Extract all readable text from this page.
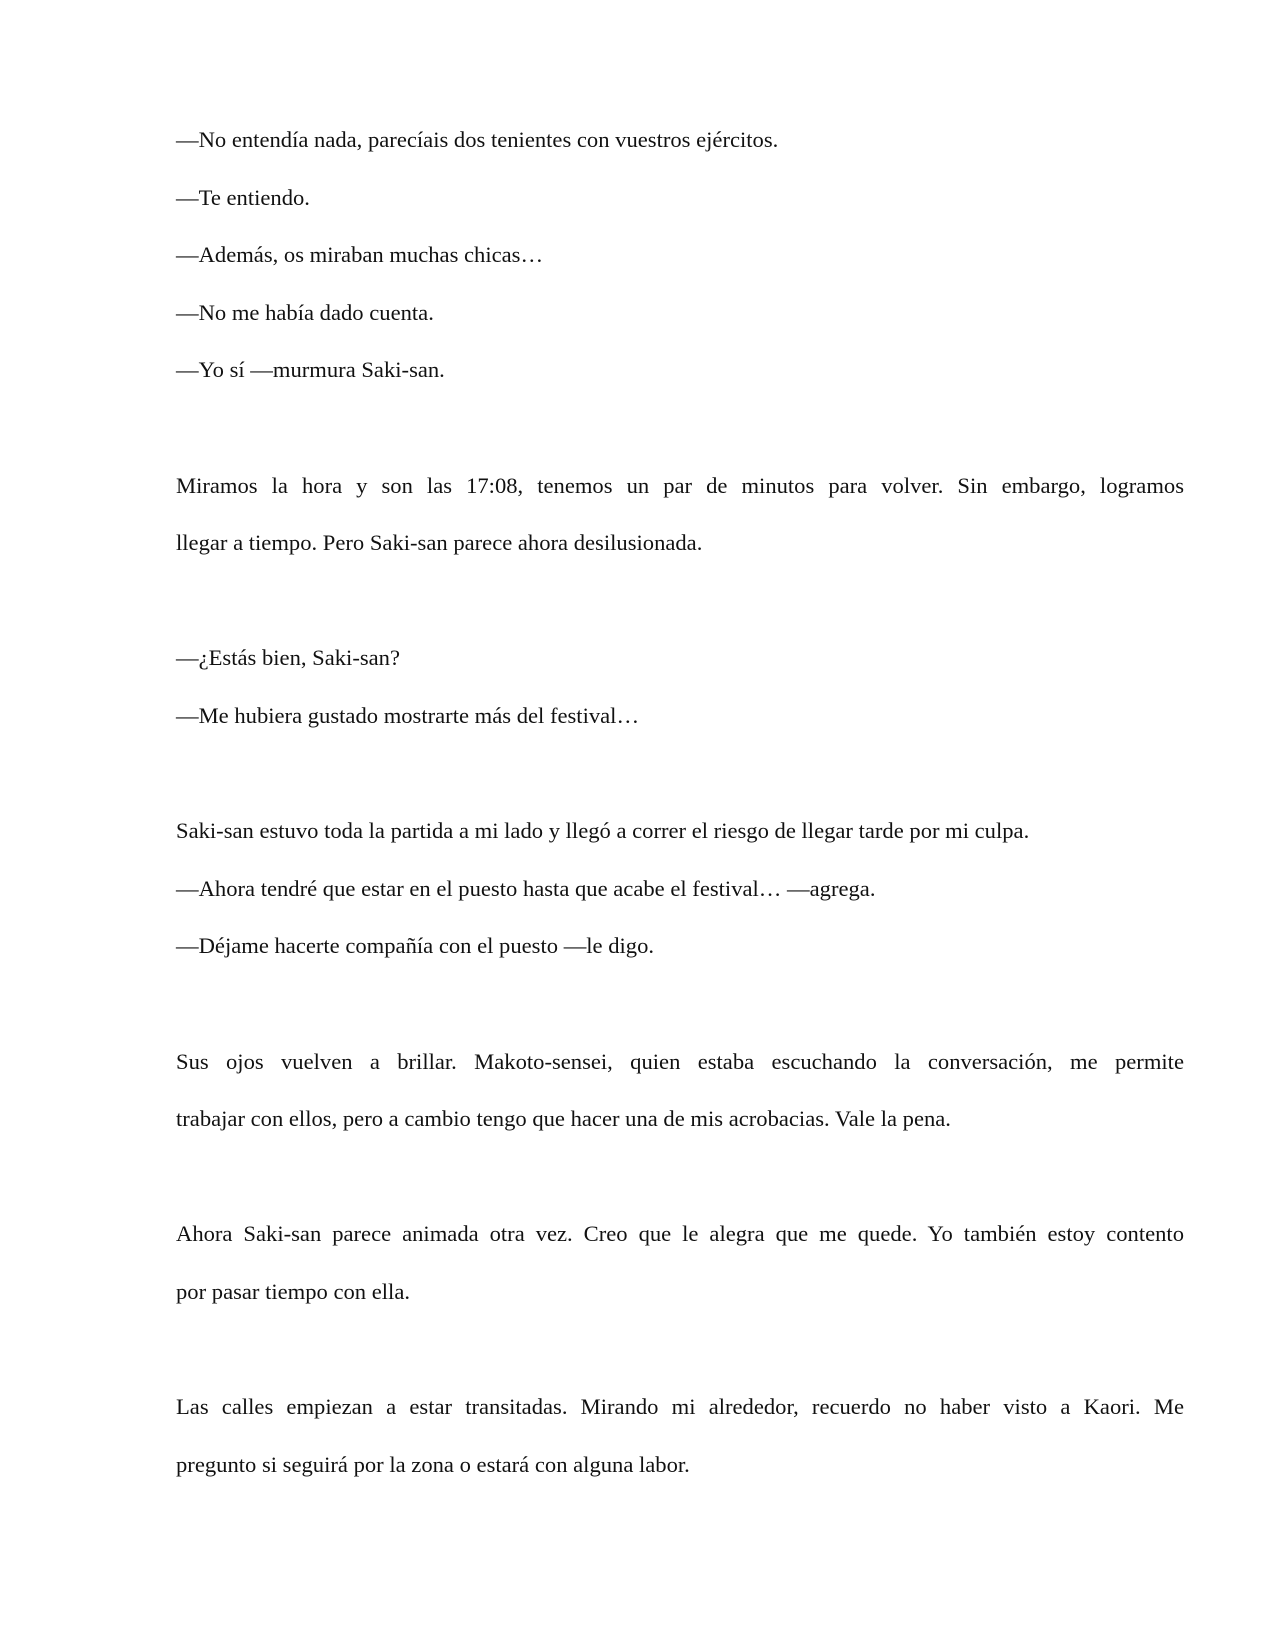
—No entendía nada, parecíais dos tenientes con vuestros ejércitos.
—Te entiendo.
—Además, os miraban muchas chicas…
—No me había dado cuenta.
—Yo sí —murmura Saki-san.
Miramos la hora y son las 17:08, tenemos un par de minutos para volver. Sin embargo, logramos
llegar a tiempo. Pero Saki-san parece ahora desilusionada.
—¿Estás bien, Saki-san?
—Me hubiera gustado mostrarte más del festival…
Saki-san estuvo toda la partida a mi lado y llegó a correr el riesgo de llegar tarde por mi culpa.
—Ahora tendré que estar en el puesto hasta que acabe el festival… —agrega.
—Déjame hacerte compañía con el puesto —le digo.
Sus ojos vuelven a brillar. Makoto-sensei, quien estaba escuchando la conversación, me permite
trabajar con ellos, pero a cambio tengo que hacer una de mis acrobacias. Vale la pena.
Ahora Saki-san parece animada otra vez. Creo que le alegra que me quede. Yo también estoy contento
por pasar tiempo con ella.
Las calles empiezan a estar transitadas. Mirando mi alrededor, recuerdo no haber visto a Kaori. Me
pregunto si seguirá por la zona o estará con alguna labor.
